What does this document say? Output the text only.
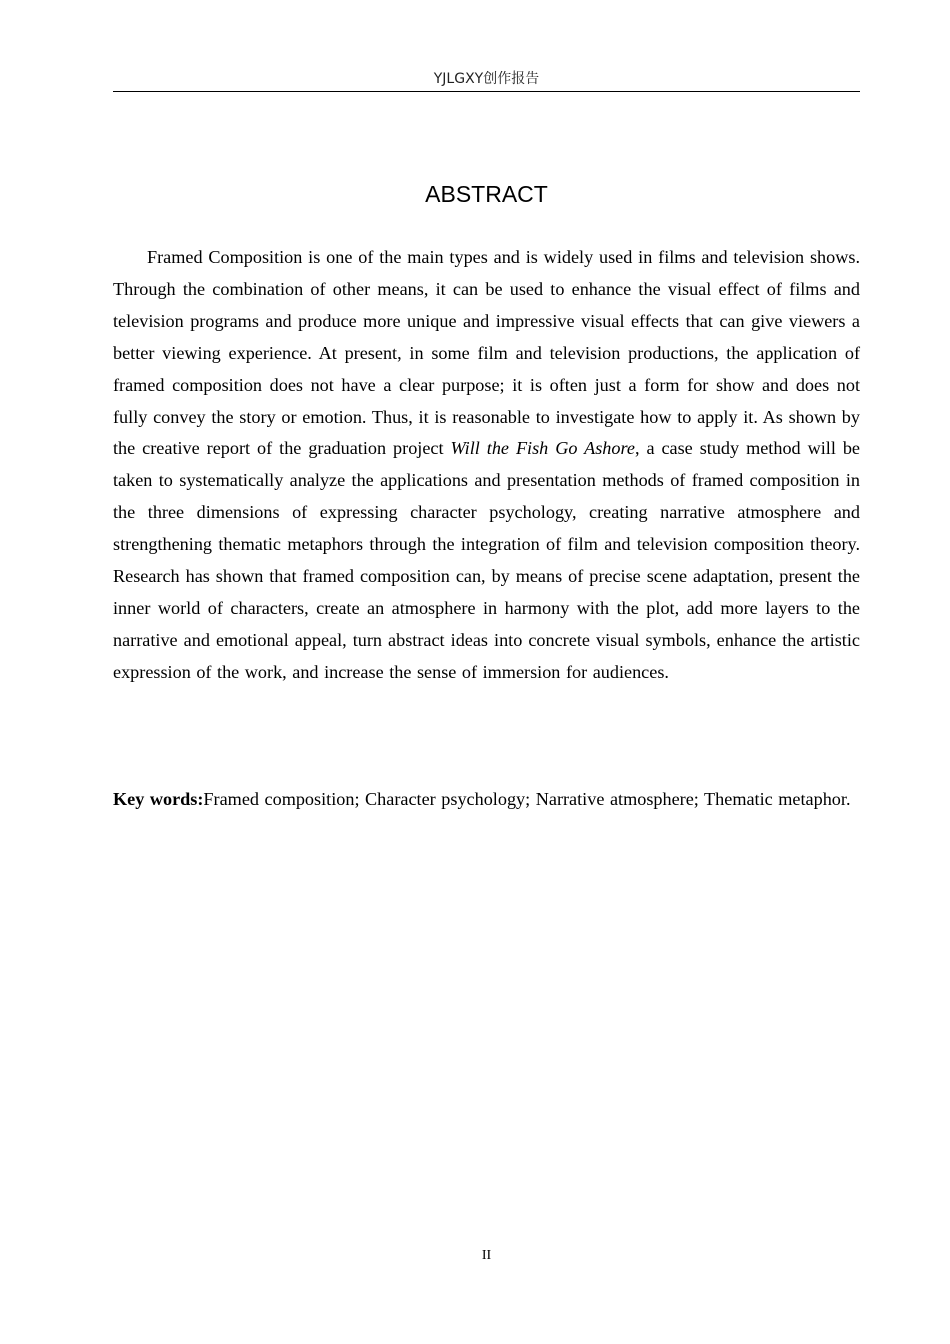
YJLGXY创作报告
ABSTRACT

Framed Composition is one of the main types and is widely used in films and television shows. Through the combination of other means, it can be used to enhance the visual effect of films and television programs and produce more unique and impressive visual effects that can give viewers a better viewing experience. At present, in some film and television productions, the application of framed composition does not have a clear purpose; it is often just a form for show and does not fully convey the story or emotion. Thus, it is reasonable to investigate how to apply it. As shown by the creative report of the graduation project Will the Fish Go Ashore, a case study method will be taken to systematically analyze the applications and presentation methods of framed composition in the three dimensions of expressing character psychology, creating narrative atmosphere and strengthening thematic metaphors through the integration of film and television composition theory. Research has shown that framed composition can, by means of precise scene adaptation, present the inner world of characters, create an atmosphere in harmony with the plot, add more layers to the narrative and emotional appeal, turn abstract ideas into concrete visual symbols, enhance the artistic expression of the work, and increase the sense of immersion for audiences.

Key words:Framed composition; Character psychology; Narrative atmosphere; Thematic metaphor.

II
